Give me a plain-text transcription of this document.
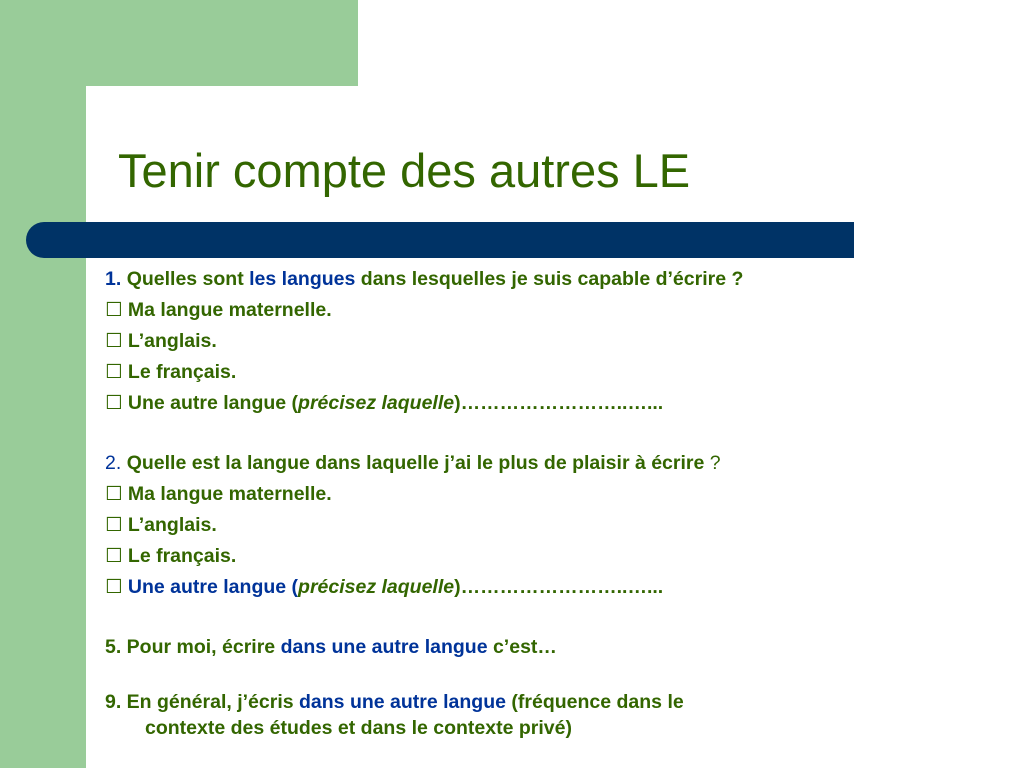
Tenir compte des autres LE
1. Quelles sont les langues dans lesquelles je suis capable d’écrire ?
☐ Ma langue maternelle.
☐ L’anglais.
☐ Le français.
☐ Une autre langue (précisez laquelle)……………………..…...
2. Quelle est la langue dans laquelle j’ai le plus de plaisir à écrire ?
☐ Ma langue maternelle.
☐ L’anglais.
☐ Le français.
☐ Une autre langue (précisez laquelle)……………………..…...
5. Pour moi, écrire dans une autre langue c’est…
9. En général, j’écris dans une autre langue (fréquence dans le
contexte des études et dans le contexte privé)
